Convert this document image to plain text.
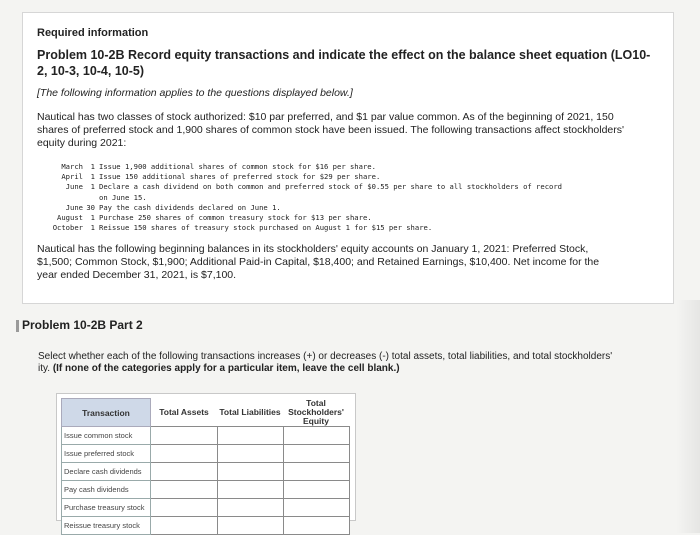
Required information

Problem 10-2B Record equity transactions and indicate the effect on the balance sheet equation (LO10-2, 10-3, 10-4, 10-5)

[The following information applies to the questions displayed below.]

Nautical has two classes of stock authorized: $10 par preferred, and $1 par value common. As of the beginning of 2021, 150 shares of preferred stock and 1,900 shares of common stock have been issued. The following transactions affect stockholders' equity during 2021:

March	1 Issue 1,900 additional shares of common stock for $16 per share.
April	1 Issue 150 additional shares of preferred stock for $29 per share.
June	1 Declare a cash dividend on both common and preferred stock of $0.55 per share to all stockholders of record
on June 15.
June 30 Pay the cash dividends declared on June 1.
August	1 Purchase 250 shares of common treasury stock for $13 per share.
October	1 Reissue 150 shares of treasury stock purchased on August 1 for $15 per share.

Nautical has the following beginning balances in its stockholders' equity accounts on January 1, 2021: Preferred Stock, $1,500; Common Stock, $1,900; Additional Paid-in Capital, $18,400; and Retained Earnings, $10,400. Net income for the year ended December 31, 2021, is $7,100.

Problem 10-2B Part 2
Select whether each of the following transactions increases (+) or decreases (-) total assets, total liabilities, and total stockholders'
ity. (If none of the categories apply for a particular item, leave the cell blank.)
Transaction	Total Assets	Total Liabilities	Total
Stockholders'
Equity

Issue common stock			
Issue preferred stock			
Declare cash dividends			
Pay cash dividends			
Purchase treasury stock			
Reissue treasury stock			
